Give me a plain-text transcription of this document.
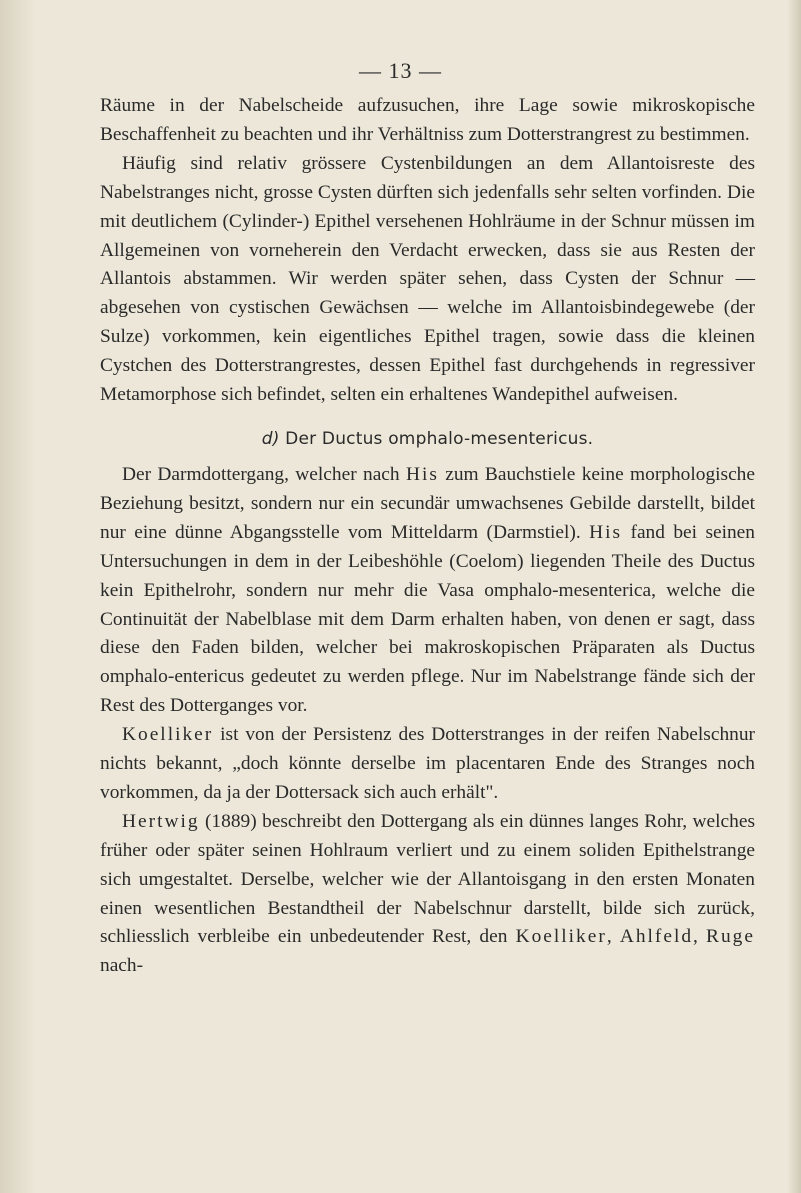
— 13 —

Räume in der Nabelscheide aufzusuchen, ihre Lage sowie mikroskopische Beschaffenheit zu beachten und ihr Verhältniss zum Dotterstrangrest zu bestimmen.

Häufig sind relativ grössere Cystenbildungen an dem Allantoisreste des Nabelstranges nicht, grosse Cysten dürften sich jedenfalls sehr selten vorfinden. Die mit deutlichem (Cylinder-) Epithel versehenen Hohlräume in der Schnur müssen im Allgemeinen von vorneherein den Verdacht erwecken, dass sie aus Resten der Allantois abstammen. Wir werden später sehen, dass Cysten der Schnur — abgesehen von cystischen Gewächsen — welche im Allantoisbindegewebe (der Sulze) vorkommen, kein eigentliches Epithel tragen, sowie dass die kleinen Cystchen des Dotterstrangrestes, dessen Epithel fast durchgehends in regressiver Metamorphose sich befindet, selten ein erhaltenes Wandepithel aufweisen.

d) Der Ductus omphalo-mesentericus.

Der Darmdottergang, welcher nach His zum Bauchstiele keine morphologische Beziehung besitzt, sondern nur ein secundär umwachsenes Gebilde darstellt, bildet nur eine dünne Abgangsstelle vom Mitteldarm (Darmstiel). His fand bei seinen Untersuchungen in dem in der Leibeshöhle (Coelom) liegenden Theile des Ductus kein Epithelrohr, sondern nur mehr die Vasa omphalo-mesenterica, welche die Continuität der Nabelblase mit dem Darm erhalten haben, von denen er sagt, dass diese den Faden bilden, welcher bei makroskopischen Präparaten als Ductus omphalo-entericus gedeutet zu werden pflege. Nur im Nabelstrange fände sich der Rest des Dotterganges vor.

Koelliker ist von der Persistenz des Dotterstranges in der reifen Nabelschnur nichts bekannt, „doch könnte derselbe im placentaren Ende des Stranges noch vorkommen, da ja der Dottersack sich auch erhält".

Hertwig (1889) beschreibt den Dottergang als ein dünnes langes Rohr, welches früher oder später seinen Hohlraum verliert und zu einem soliden Epithelstrange sich umgestaltet. Derselbe, welcher wie der Allantoisgang in den ersten Monaten einen wesentlichen Bestandtheil der Nabelschnur darstellt, bilde sich zurück, schliesslich verbleibe ein unbedeutender Rest, den Koelliker, Ahlfeld, Ruge nach-
